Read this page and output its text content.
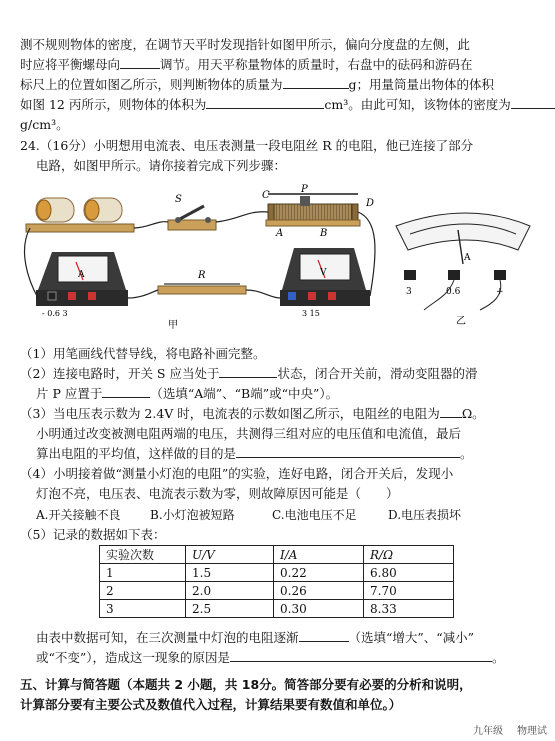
测不规则物体的密度，在调节天平时发现指针如图甲所示，偏向分度盘的左侧，此
时应将平衡螺母向	调节。用天平称量物体的质量时，右盘中的砝码和游码在
标尺上的位置如图乙所示，则判断物体的质量为	g；用量筒量出物体的体积
如图 12 丙所示，则物体的体积为	cm³。由此可知，该物体的密度为
g/cm³。
24.（16分）小明想用电流表、电压表测量一段电阻丝 R 的电阻，他已连接了部分
电路，如图甲所示。请你接着完成下列步骤：
S	C
P
D
A	B
A
- 0.6 3
R
甲
V
3 15
A
3	0.6	+
乙
（1）用笔画线代替导线，将电路补画完整。
（2）连接电路时，开关 S 应当处于	状态，闭合开关前，滑动变阻器的滑
片 P 应置于	（选填“A端”、“B端”或“中央”）。
（3）当电压表示数为 2.4V 时，电流表的示数如图乙所示，电阻丝的电阻为 Ω。
小明通过改变被测电阻两端的电压，共测得三组对应的电压值和电流值，最后
算出电阻的平均值，这样做的目的是	。
（4）小明接着做“测量小灯泡的电阻”的实验，连好电路，闭合开关后，发现小
灯泡不亮，电压表、电流表示数为零，则故障原因可能是（　　）
A.开关接触不良 B.小灯泡被短路	C.电池电压不足	D.电压表损坏
（5）记录的数据如下表：
实验次数	U/V	I/A	R/Ω
1	1.5	0.22	6.80
2	2.0	0.26	7.70
3	2.5	0.30	8.33
由表中数据可知，在三次测量中灯泡的电阻逐渐	（选填“增大”、“减小”
或“不变”），造成这一现象的原因是	。
五、计算与简答题（本题共 2 小题，共 18分。简答部分要有必要的分析和说明，
计算部分要有主要公式及数值代入过程，计算结果要有数值和单位。）
九年级 物理试
